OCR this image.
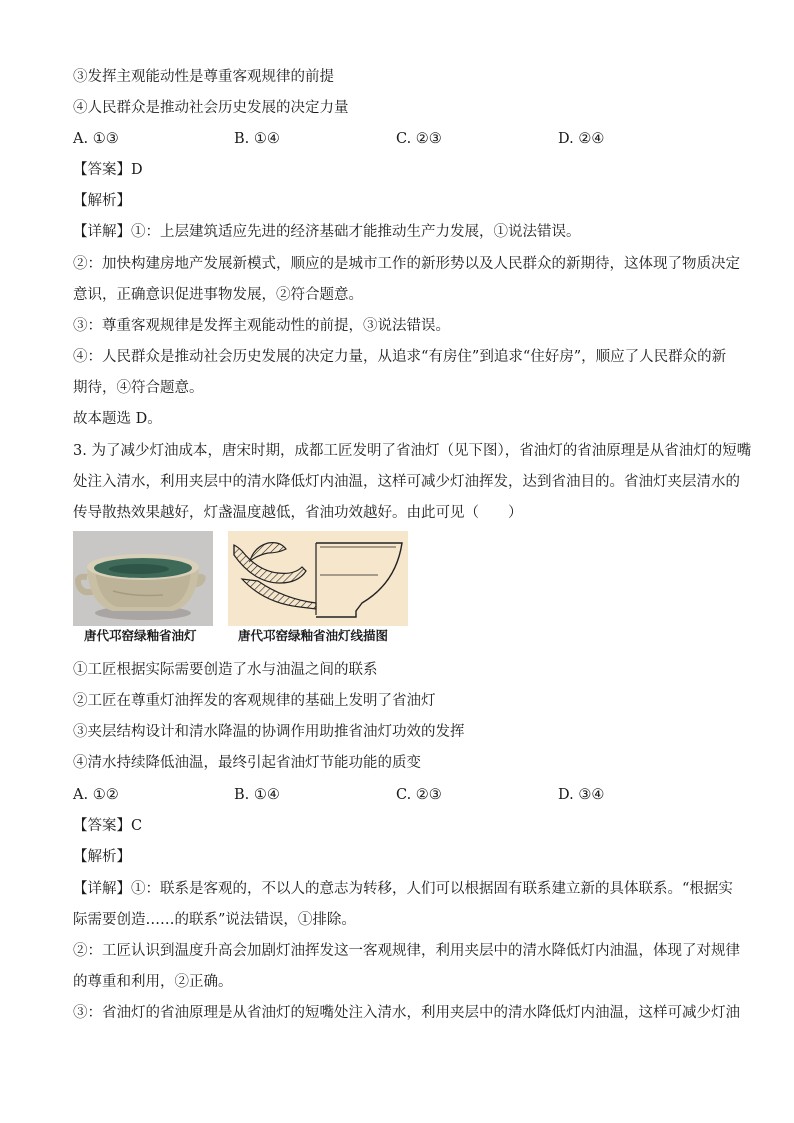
③发挥主观能动性是尊重客观规律的前提
④人民群众是推动社会历史发展的决定力量
A. ①③	B. ①④	C. ②③	D. ②④
【答案】D
【解析】
【详解】①：上层建筑适应先进的经济基础才能推动生产力发展，①说法错误。
②：加快构建房地产发展新模式，顺应的是城市工作的新形势以及人民群众的新期待，这体现了物质决定
意识，正确意识促进事物发展，②符合题意。
③：尊重客观规律是发挥主观能动性的前提，③说法错误。
④：人民群众是推动社会历史发展的决定力量，从追求“有房住”到追求“住好房”，顺应了人民群众的新
期待，④符合题意。
故本题选 D。
3. 为了减少灯油成本，唐宋时期，成都工匠发明了省油灯（见下图），省油灯的省油原理是从省油灯的短嘴
处注入清水，利用夹层中的清水降低灯内油温，这样可减少灯油挥发，达到省油目的。省油灯夹层清水的
传导散热效果越好，灯盏温度越低，省油功效越好。由此可见（　　）
唐代邛窑绿釉省油灯	唐代邛窑绿釉省油灯线描图
①工匠根据实际需要创造了水与油温之间的联系
②工匠在尊重灯油挥发的客观规律的基础上发明了省油灯
③夹层结构设计和清水降温的协调作用助推省油灯功效的发挥
④清水持续降低油温，最终引起省油灯节能功能的质变
A. ①②	B. ①④	C. ②③	D. ③④
【答案】C
【解析】
【详解】①：联系是客观的，不以人的意志为转移，人们可以根据固有联系建立新的具体联系。“根据实
际需要创造……的联系”说法错误，①排除。
②：工匠认识到温度升高会加剧灯油挥发这一客观规律，利用夹层中的清水降低灯内油温，体现了对规律
的尊重和利用，②正确。
③：省油灯的省油原理是从省油灯的短嘴处注入清水，利用夹层中的清水降低灯内油温，这样可减少灯油
